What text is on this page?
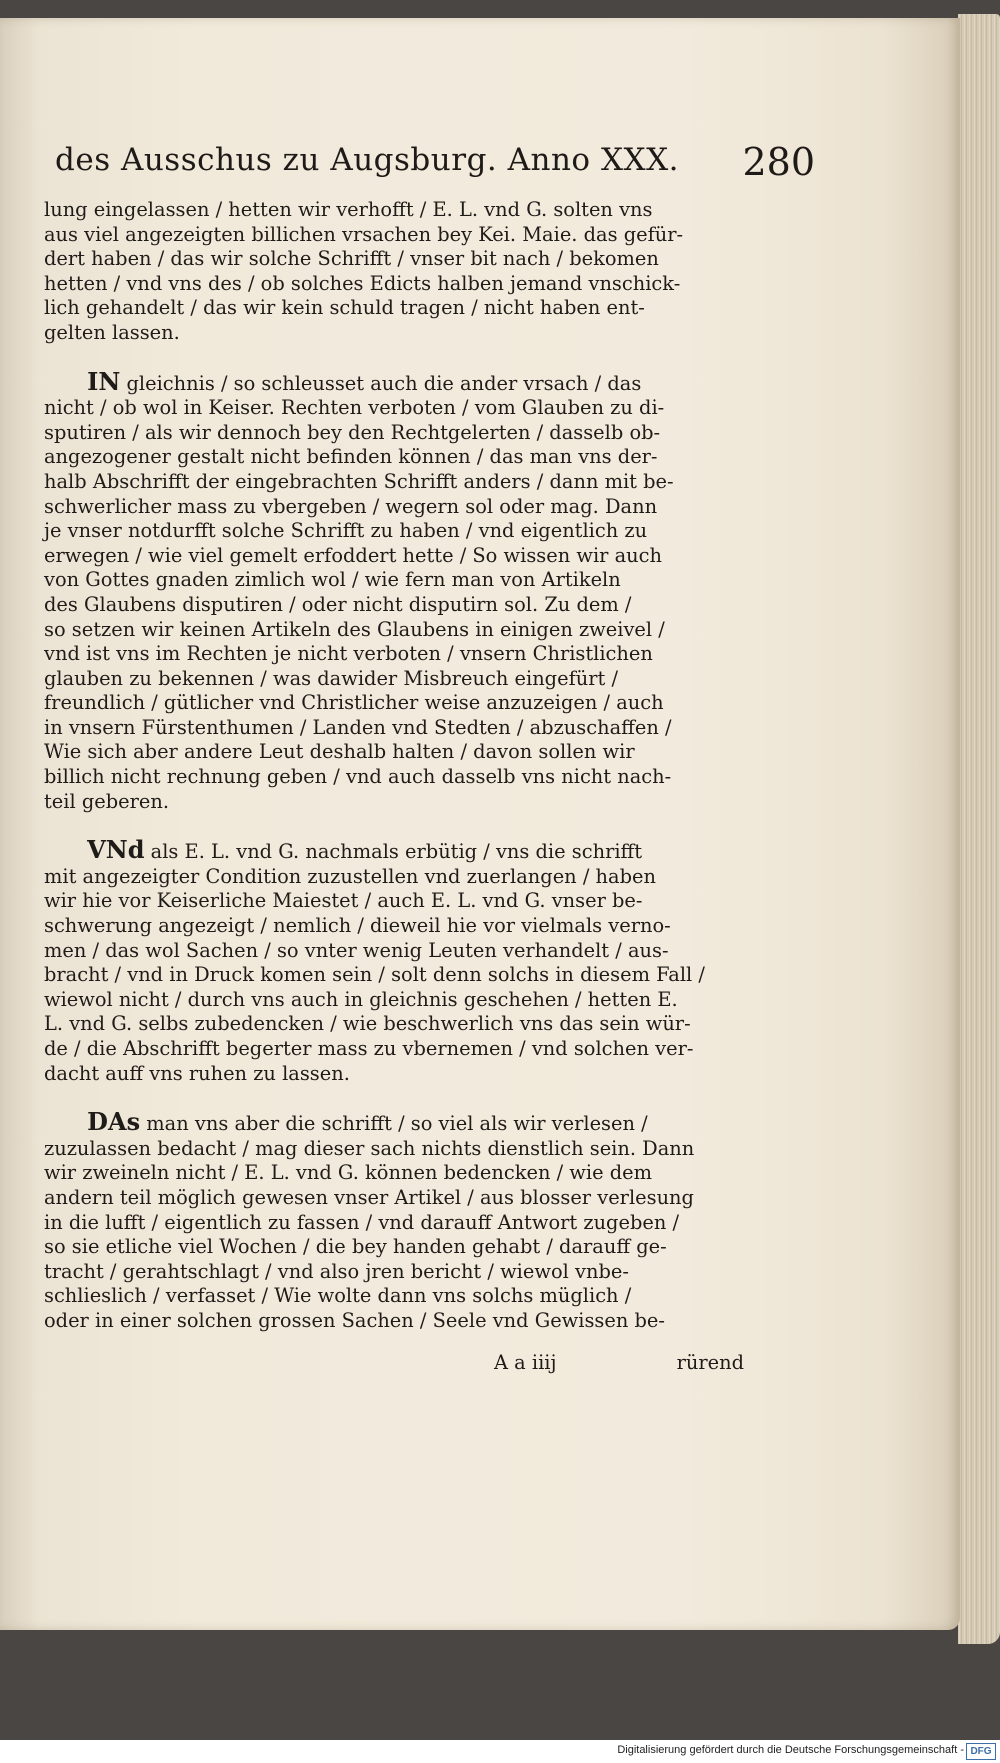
des Ausschus zu Augsburg. Anno XXX. 280

lung eingelassen / hetten wir verhofft / E. L. vnd G. solten vns
aus viel angezeigten billichen vrsachen bey Kei. Maie. das gefür-
dert haben / das wir solche Schrifft / vnser bit nach / bekomen
hetten / vnd vns des / ob solches Edicts halben jemand vnschick-
lich gehandelt / das wir kein schuld tragen / nicht haben ent-
gelten lassen.

IN gleichnis / so schleusset auch die ander vrsach / das
nicht / ob wol in Keiser. Rechten verboten / vom Glauben zu di-
sputiren / als wir dennoch bey den Rechtgelerten / dasselb ob-
angezogener gestalt nicht befinden können / das man vns der-
halb Abschrifft der eingebrachten Schrifft anders / dann mit be-
schwerlicher mass zu vbergeben / wegern sol oder mag. Dann
je vnser notdurfft solche Schrifft zu haben / vnd eigentlich zu
erwegen / wie viel gemelt erfoddert hette / So wissen wir auch
von Gottes gnaden zimlich wol / wie fern man von Artikeln
des Glaubens disputiren / oder nicht disputirn sol. Zu dem /
so setzen wir keinen Artikeln des Glaubens in einigen zweivel /
vnd ist vns im Rechten je nicht verboten / vnsern Christlichen
glauben zu bekennen / was dawider Misbreuch eingefürt /
freundlich / gütlicher vnd Christlicher weise anzuzeigen / auch
in vnsern Fürstenthumen / Landen vnd Stedten / abzuschaffen /
Wie sich aber andere Leut deshalb halten / davon sollen wir
billich nicht rechnung geben / vnd auch dasselb vns nicht nach-
teil geberen.

VNd als E. L. vnd G. nachmals erbütig / vns die schrifft
mit angezeigter Condition zuzustellen vnd zuerlangen / haben
wir hie vor Keiserliche Maiestet / auch E. L. vnd G. vnser be-
schwerung angezeigt / nemlich / dieweil hie vor vielmals verno-
men / das wol Sachen / so vnter wenig Leuten verhandelt / aus-
bracht / vnd in Druck komen sein / solt denn solchs in diesem Fall /
wiewol nicht / durch vns auch in gleichnis geschehen / hetten E.
L. vnd G. selbs zubedencken / wie beschwerlich vns das sein wür-
de / die Abschrifft begerter mass zu vbernemen / vnd solchen ver-
dacht auff vns ruhen zu lassen.

DAs man vns aber die schrifft / so viel als wir verlesen /
zuzulassen bedacht / mag dieser sach nichts dienstlich sein. Dann
wir zweineln nicht / E. L. vnd G. können bedencken / wie dem
andern teil möglich gewesen vnser Artikel / aus blosser verlesung
in die lufft / eigentlich zu fassen / vnd darauff Antwort zugeben /
so sie etliche viel Wochen / die bey handen gehabt / darauff ge-
tracht / gerahtschlagt / vnd also jren bericht / wiewol vnbe-
schlieslich / verfasset / Wie wolte dann vns solchs müglich /
oder in einer solchen grossen Sachen / Seele vnd Gewissen be-

A a iiij	rürend
Digitalisierung gefördert durch die Deutsche Forschungsgemeinschaft - DFG
